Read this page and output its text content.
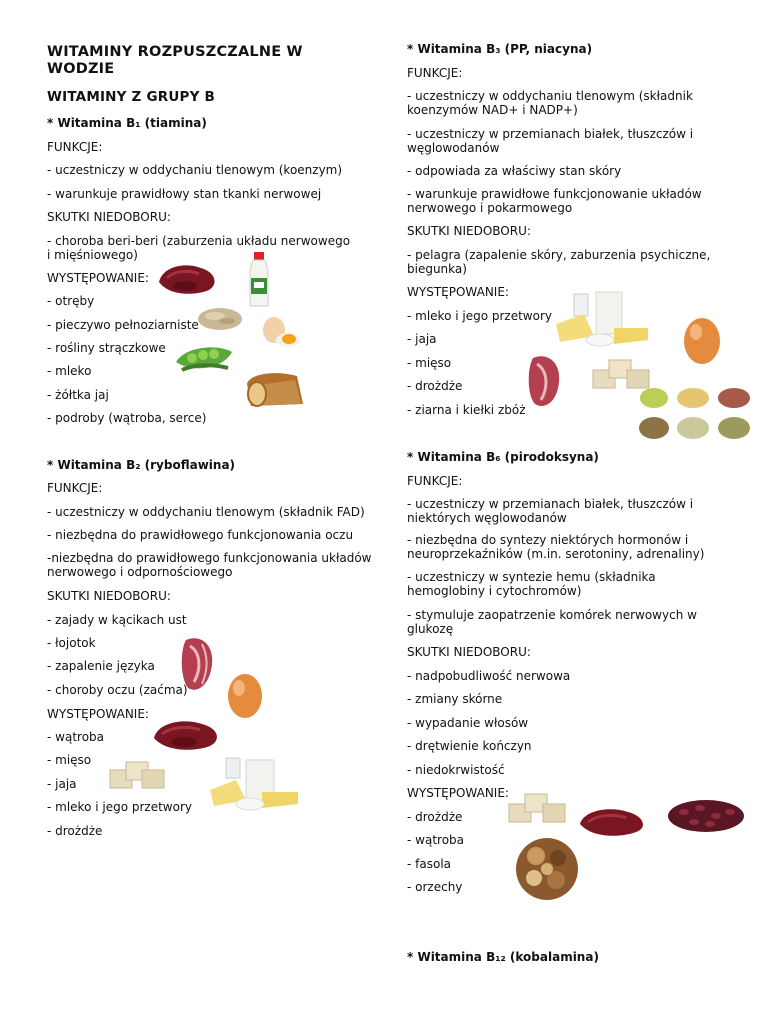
WITAMINY ROZPUSZCZALNE W WODZIE
WITAMINY Z GRUPY B

* Witamina B₁ (tiamina)

FUNKCJE:

- uczestniczy w oddychaniu tlenowym (koenzym)

- warunkuje prawidłowy stan tkanki nerwowej

SKUTKI NIEDOBORU:

- choroba beri-beri (zaburzenia układu nerwowego i mięśniowego)

WYSTĘPOWANIE:

- otręby

- pieczywo pełnoziarniste

- rośliny strączkowe

- mleko

- żółtka jaj

- podroby (wątroba, serce)

* Witamina B₂ (ryboflawina)

FUNKCJE:

- uczestniczy w oddychaniu tlenowym (składnik FAD)

- niezbędna do prawidłowego funkcjonowania oczu

-niezbędna do prawidłowego funkcjonowania układów nerwowego i odpornościowego

SKUTKI NIEDOBORU:

- zajady w kącikach ust

- łojotok

- zapalenie języka

- choroby oczu (zaćma)

WYSTĘPOWANIE:

- wątroba

- mięso

- jaja

- mleko i jego przetwory

- drożdże

* Witamina B₃ (PP, niacyna)

FUNKCJE:

- uczestniczy w oddychaniu tlenowym (składnik koenzymów NAD+ i NADP+)

- uczestniczy w przemianach białek, tłuszczów i węglowodanów

- odpowiada za właściwy stan skóry

- warunkuje prawidłowe funkcjonowanie układów nerwowego i pokarmowego

SKUTKI NIEDOBORU:

- pelagra (zapalenie skóry, zaburzenia psychiczne, biegunka)

WYSTĘPOWANIE:

- mleko i jego przetwory

- jaja

- mięso

- drożdże

- ziarna i kiełki zbóż

* Witamina B₆ (pirodoksyna)

FUNKCJE:

- uczestniczy w przemianach białek, tłuszczów i niektórych węglowodanów

- niezbędna do syntezy niektórych hormonów i neuroprzekaźników (m.in. serotoniny, adrenaliny)

- uczestniczy w syntezie hemu (składnika hemoglobiny i cytochromów)

- stymuluje zaopatrzenie komórek nerwowych w glukozę

SKUTKI NIEDOBORU:

- nadpobudliwość nerwowa

- zmiany skórne

- wypadanie włosów

- drętwienie kończyn

- niedokrwistość

WYSTĘPOWANIE:

- drożdże

- wątroba

- fasola

- orzechy

* Witamina B₁₂ (kobalamina)
